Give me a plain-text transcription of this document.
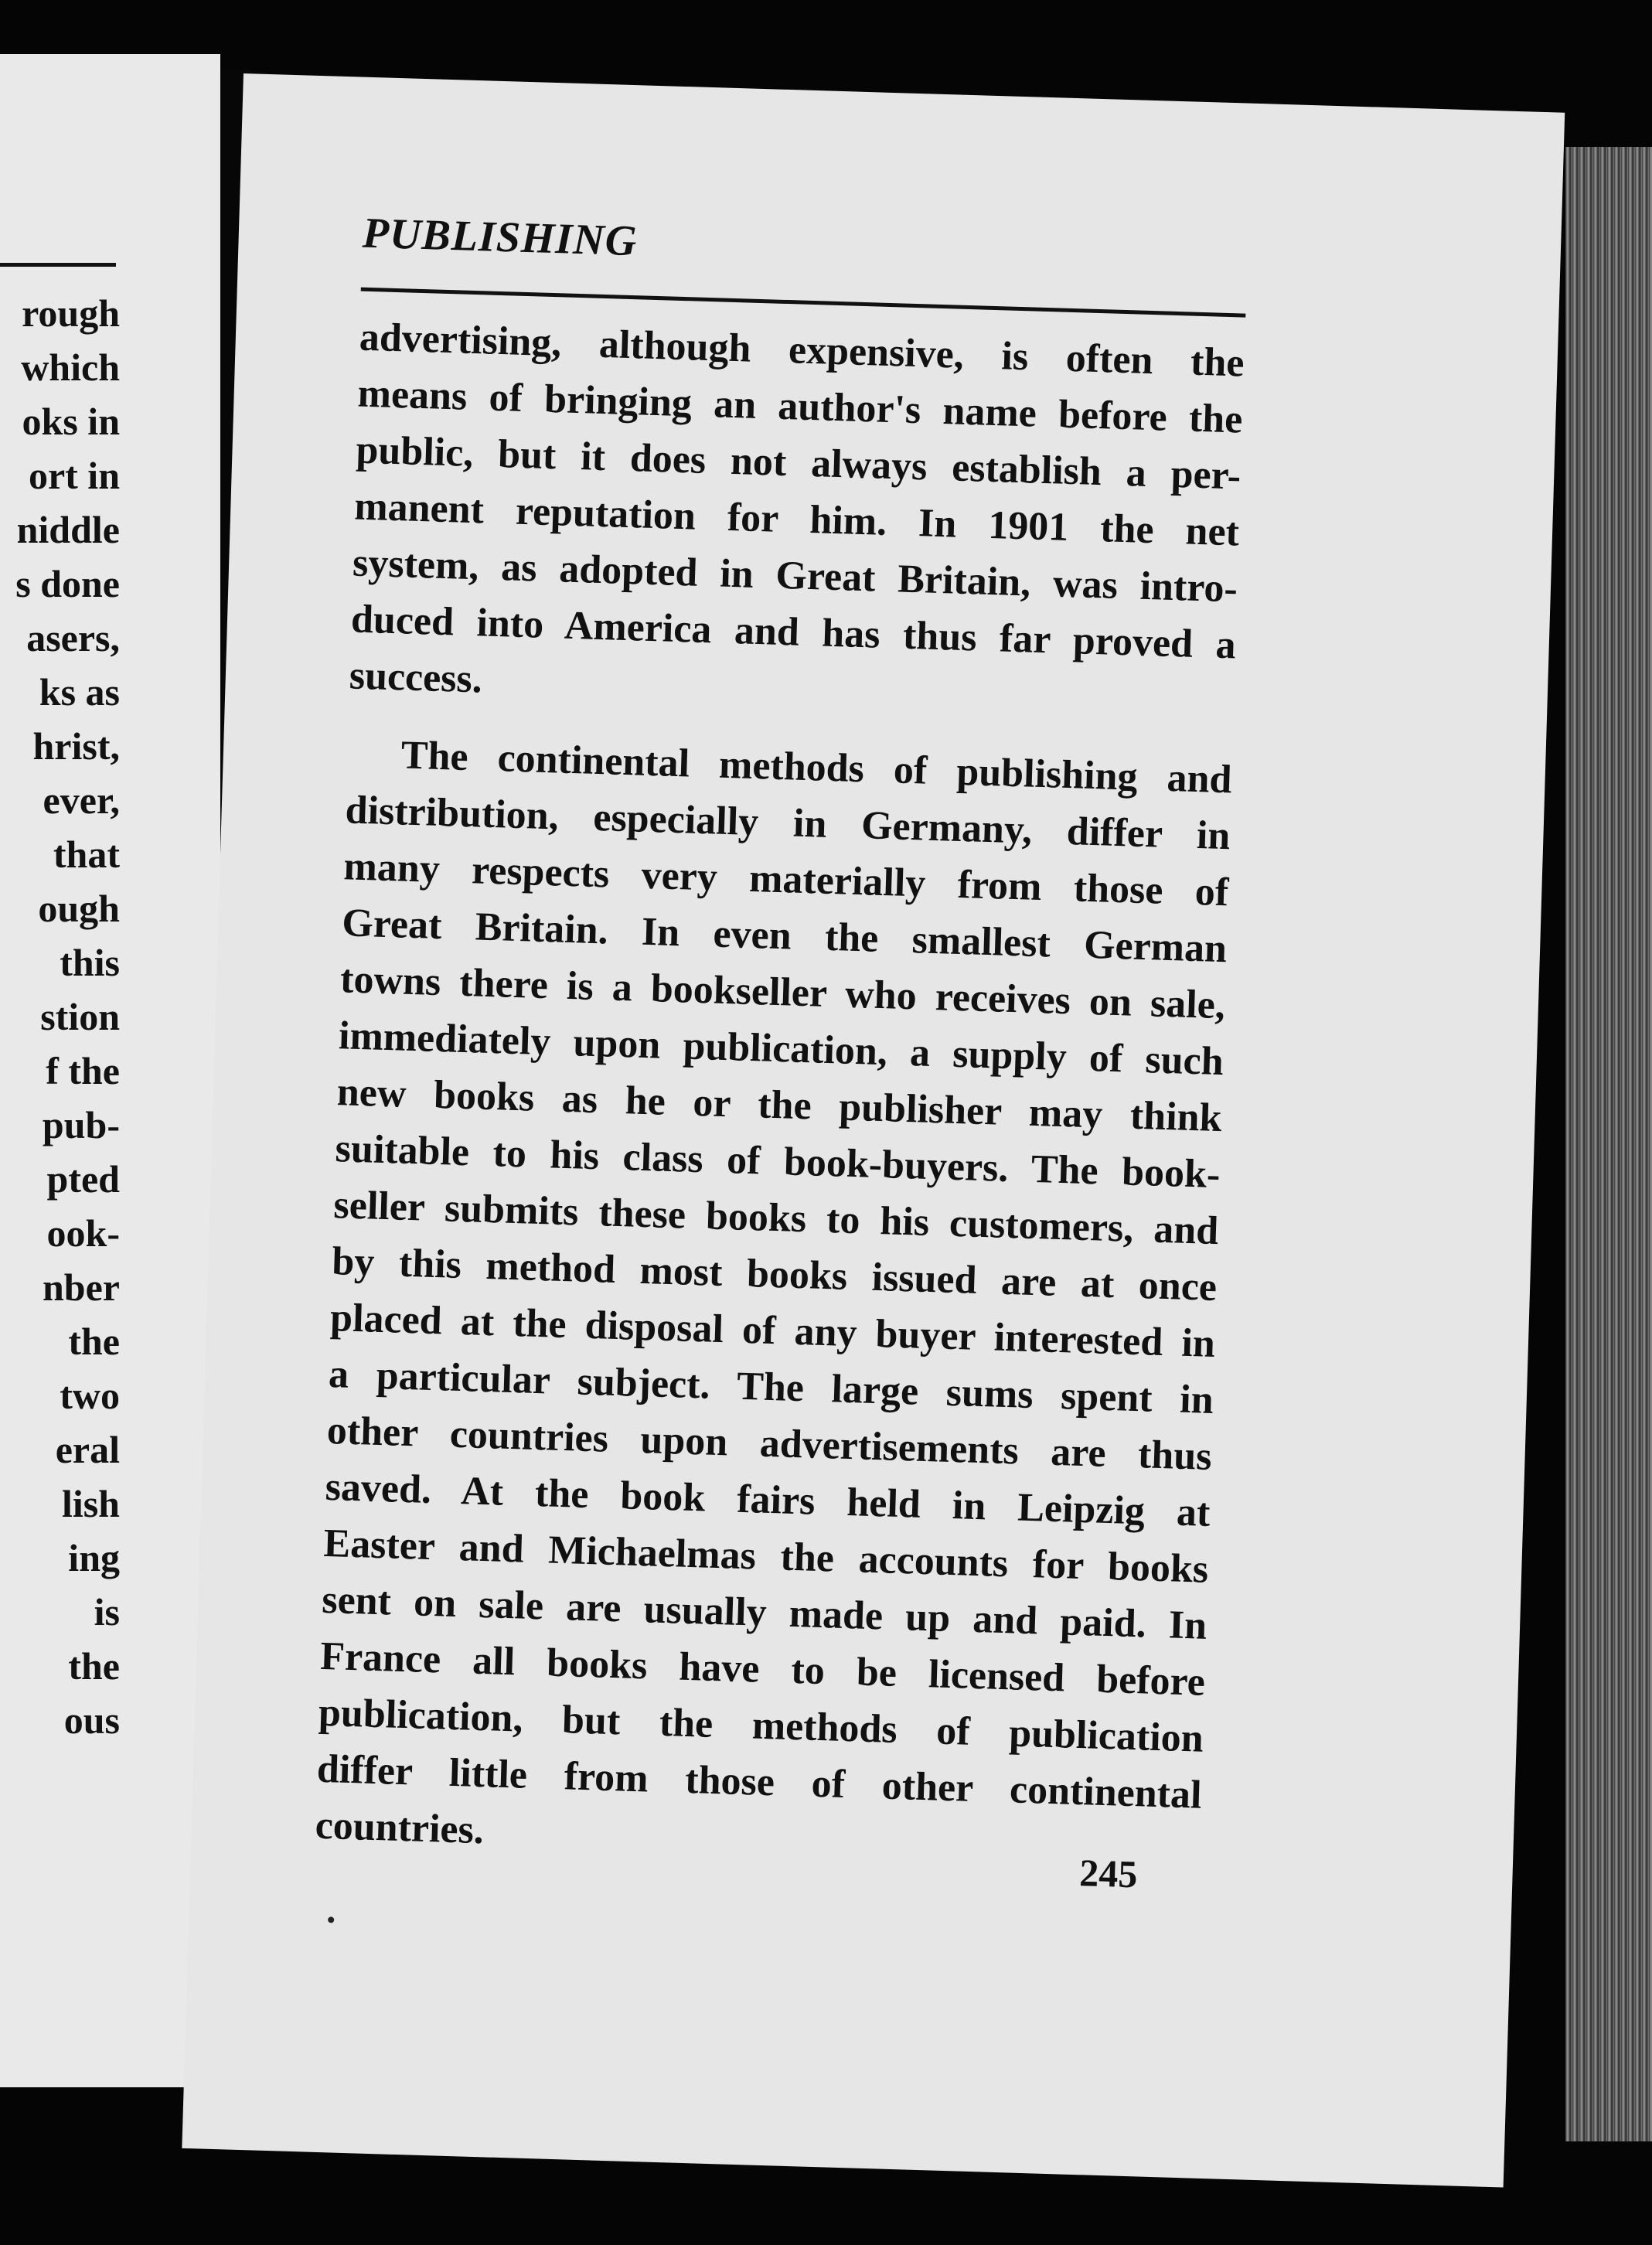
rough
which
oks in
ort in
niddle
s done
asers,
ks as
hrist,
ever,
that
ough
this
stion
f the
pub-
pted
ook-
nber
the
two
eral
lish
ing
is
the
ous
PUBLISHING

advertising, although expensive, is often the
means of bringing an author's name before the
public, but it does not always establish a per-
manent reputation for him. In 1901 the net
system, as adopted in Great Britain, was intro-
duced into America and has thus far proved a
success.

The continental methods of publishing and
distribution, especially in Germany, differ in
many respects very materially from those of
Great Britain. In even the smallest German
towns there is a bookseller who receives on sale,
immediately upon publication, a supply of such
new books as he or the publisher may think
suitable to his class of book-buyers. The book-
seller submits these books to his customers, and
by this method most books issued are at once
placed at the disposal of any buyer interested in
a particular subject. The large sums spent in
other countries upon advertisements are thus
saved. At the book fairs held in Leipzig at
Easter and Michaelmas the accounts for books
sent on sale are usually made up and paid. In
France all books have to be licensed before
publication, but the methods of publication
differ little from those of other continental
countries.

245
